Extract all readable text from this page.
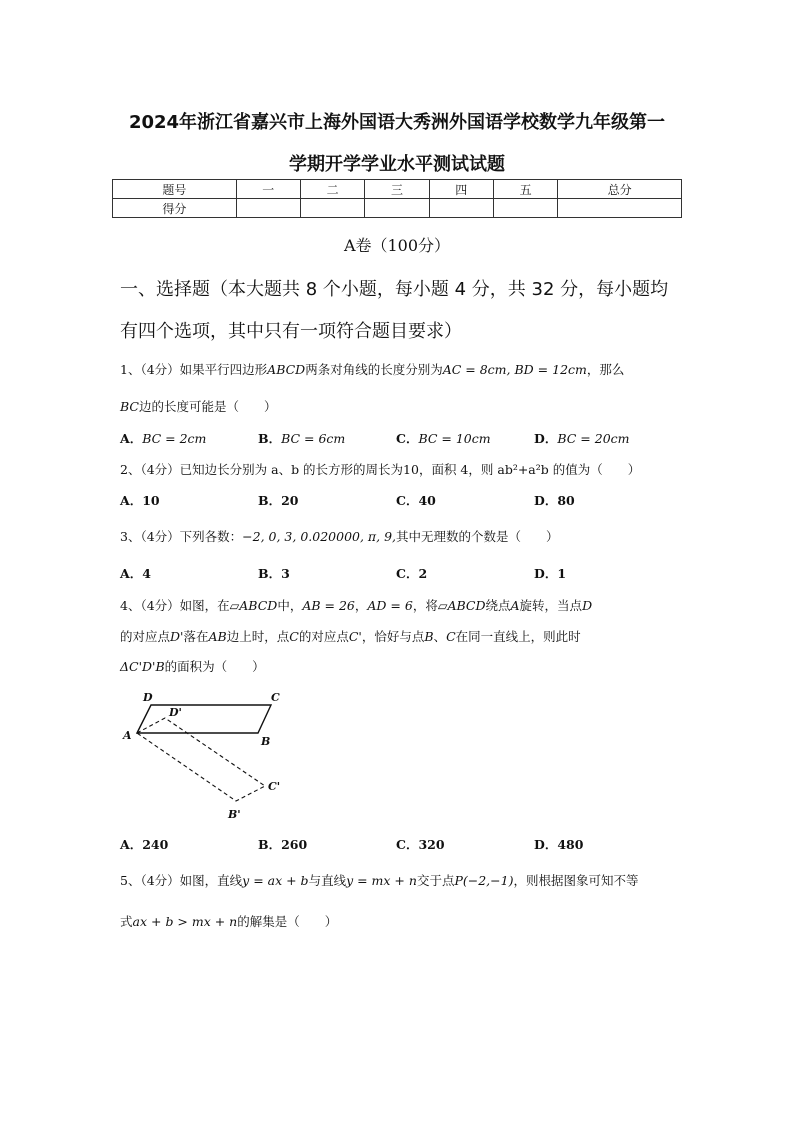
2024年浙江省嘉兴市上海外国语大秀洲外国语学校数学九年级第一
学期开学学业水平测试试题
题号	一	二	三	四	五	总分
得分						
A卷（100分）
一、选择题（本大题共 8 个小题，每小题 4 分，共 32 分，每小题均
有四个选项，其中只有一项符合题目要求）
1、（4分）如果平行四边形ABCD两条对角线的长度分别为AC = 8cm, BD = 12cm，那么
BC边的长度可能是（　　）
A．BC = 2cm	B．BC = 6cm	C．BC = 10cm	D．BC = 20cm
2、（4分）已知边长分别为 a、b 的长方形的周长为10，面积 4，则 ab²+a²b 的值为（　　）
A．10	B．20	C．40	D．80
3、（4分）下列各数：−2, 0, 3, 0.020000, π, 9,其中无理数的个数是（　　）
A．4	B．3	C．2	D．1
4、（4分）如图，在▱ABCD中，AB = 26，AD = 6，将▱ABCD绕点A旋转，当点D
的对应点D'落在AB边上时，点C的对应点C'，恰好与点B、C在同一直线上，则此时
ΔC'D'B的面积为（　　）
D	C
D'
A	B
C'
B'
A．240	B．260	C．320	D．480
5、（4分）如图，直线y = ax + b与直线y = mx + n交于点P(−2,−1)，则根据图象可知不等
式ax + b > mx + n的解集是（　　）
